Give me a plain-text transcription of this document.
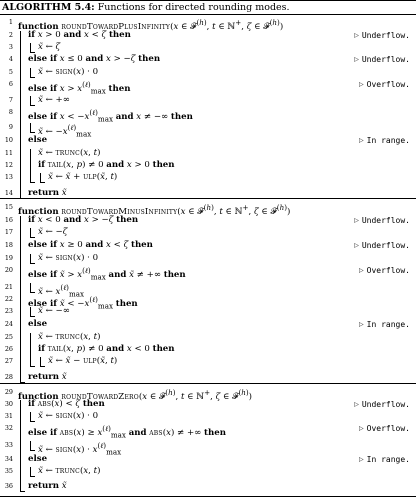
ALGORITHM 5.4: Functions for directed rounding modes.
1 function roundTowardPlusInfinity(x ∈ 𝓕$^{(h)}$, t ∈ ℕ+, ζ ∈ 𝓕$^{(h)}$)
2 if x > 0 and x < ζ then	▷ Underflow.
3	x̃ ← ζ
4 else if x ≤ 0 and x > −ζ then	▷ Underflow.
5	x̃ ← sign(x) · 0
6 else if $x > x^{(\ell)}_{max}$ then	▷ Overflow.
7	x̃ ← +∞
8 else if $x < -x^{(\ell)}_{max}$ and x ≠ −∞ then
9	x̃ ← $-x^{(\ell)}_{max}$
10 else	▷ In range.
11	x̃ ← trunc(x, t)
12	if tail(x, p) ≠ 0 and x > 0 then
13	x̃ ← x̃ + ulp(x̃, t)
14 return x̃
15 function roundTowardMinusInfinity(x ∈ 𝓕$^{(h)}$, t ∈ ℕ+, ζ ∈ 𝓕$^{(h)}$)
16 if x < 0 and x > −ζ then	▷ Underflow.
17	x̃ ← −ζ
18 else if x ≥ 0 and x < ζ then	▷ Underflow.
19	x̃ ← sign(x) · 0
20 else if x̃ > $x^{(\ell)}_{max}$ and x̃ ≠ +∞ then	▷ Overflow.
21	x̃ ← $x^{(\ell)}_{max}$
22 else if x̃ < $-x^{(\ell)}_{max}$ then
23	x̃ ← −∞
24 else	▷ In range.
25	x̃ ← trunc(x, t)
26	if tail(x, p) ≠ 0 and x < 0 then
27	x̃ ← x̃ − ulp(x̃, t)
28 return x̃
29 function roundTowardZero(x ∈ 𝓕$^{(h)}$, t ∈ ℕ+, ζ ∈ 𝓕$^{(h)}$)
30 if abs(x) < ζ then	▷ Underflow.
31	x̃ ← sign(x) · 0
32 else if $abs(x) \ge x^{(\ell)}_{max}$ and abs(x) ≠ +∞ then	▷ Overflow.
33	x̃ ← sign(x) · $x^{(\ell)}_{max}$
34 else	▷ In range.
35	x̃ ← trunc(x, t)
36 return x̃
